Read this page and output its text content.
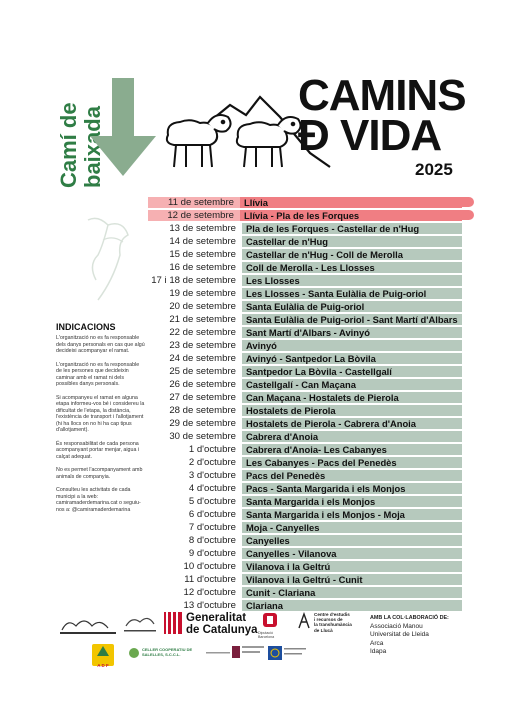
Camí de baixada
CAMINS
Ð VIDA
2025
11 de setembre	Llívia
12 de setembre	Llívia - Pla de les Forques
13 de setembre	Pla de les Forques - Castellar de n'Hug
14 de setembre	Castellar de n'Hug
15 de setembre	Castellar de n'Hug - Coll de Merolla
16 de setembre	Coll de Merolla - Les Llosses
17 i 18 de setembre	Les Llosses
19 de setembre	Les Llosses - Santa Eulàlia de Puig-oriol
20 de setembre	Santa Eulàlia de Puig-oriol
21 de setembre	Santa Eulàlia de Puig-oriol - Sant Martí d'Albars
22 de setembre	Sant Martí d'Albars - Avinyó
23 de setembre	Avinyó
24 de setembre	Avinyó - Santpedor La Bòvila
25 de setembre	Santpedor La Bòvila - Castellgalí
26 de setembre	Castellgalí - Can Maçana
27 de setembre	Can Maçana - Hostalets de Pierola
28 de setembre	Hostalets de Pierola
29 de setembre	Hostalets de Pierola - Cabrera d'Anoia
30 de setembre	Cabrera d'Anoia
1 d'octubre	Cabrera d'Anoia- Les Cabanyes
2 d'octubre	Les Cabanyes - Pacs del Penedès
3 d'octubre	Pacs del Penedès
4 d'octubre	Pacs - Santa Margarida i els Monjos
5 d'octubre	Santa Margarida i els Monjos
6 d'octubre	Santa Margarida i els Monjos - Moja
7 d'octubre	Moja - Canyelles
8 d'octubre	Canyelles
9 d'octubre	Canyelles - Vilanova
10 d'octubre	Vilanova i la Geltrú
11 d'octubre	Vilanova i la Geltrú - Cunit
12 d'octubre	Cunit - Clariana
13 d'octubre	Clariana
INDICACIONS

L'organització no es fa responsable dels danys personals en cas que algú decideixi acompanyar el ramat.

L'organització no es fa responsable de les persones que decideixin caminar amb el ramat ni dels possibles danys personals.

Si acompanyeu el ramat en alguna etapa informeu-vos bé i considereu la dificultat de l'etapa, la distància, l'existència de transport i l'allotjament (hi ha llocs on no hi ha cap tipus d'allotjament).

És responsabilitat de cada persona acompanyant portar menjar, aigua i calçat adequat.

No es permet l'acompanyament amb animals de companyia.

Consulteu les activitats de cada municipi a la web: camiramaderdemarina.cat o seguiu-nos a: @camiramaderdemarina

Generalitat
de Catalunya Diputació Barcelona
Centre d'estudis
i recursos de
la transhumància
de Llucà
AMB LA COL·LABORACIÓ DE:
Associació Manou
Universitat de Lleida
Arca
Idapa
A D F
CELLER COOPERATIU DE SALELLES, S.C.C.L.
